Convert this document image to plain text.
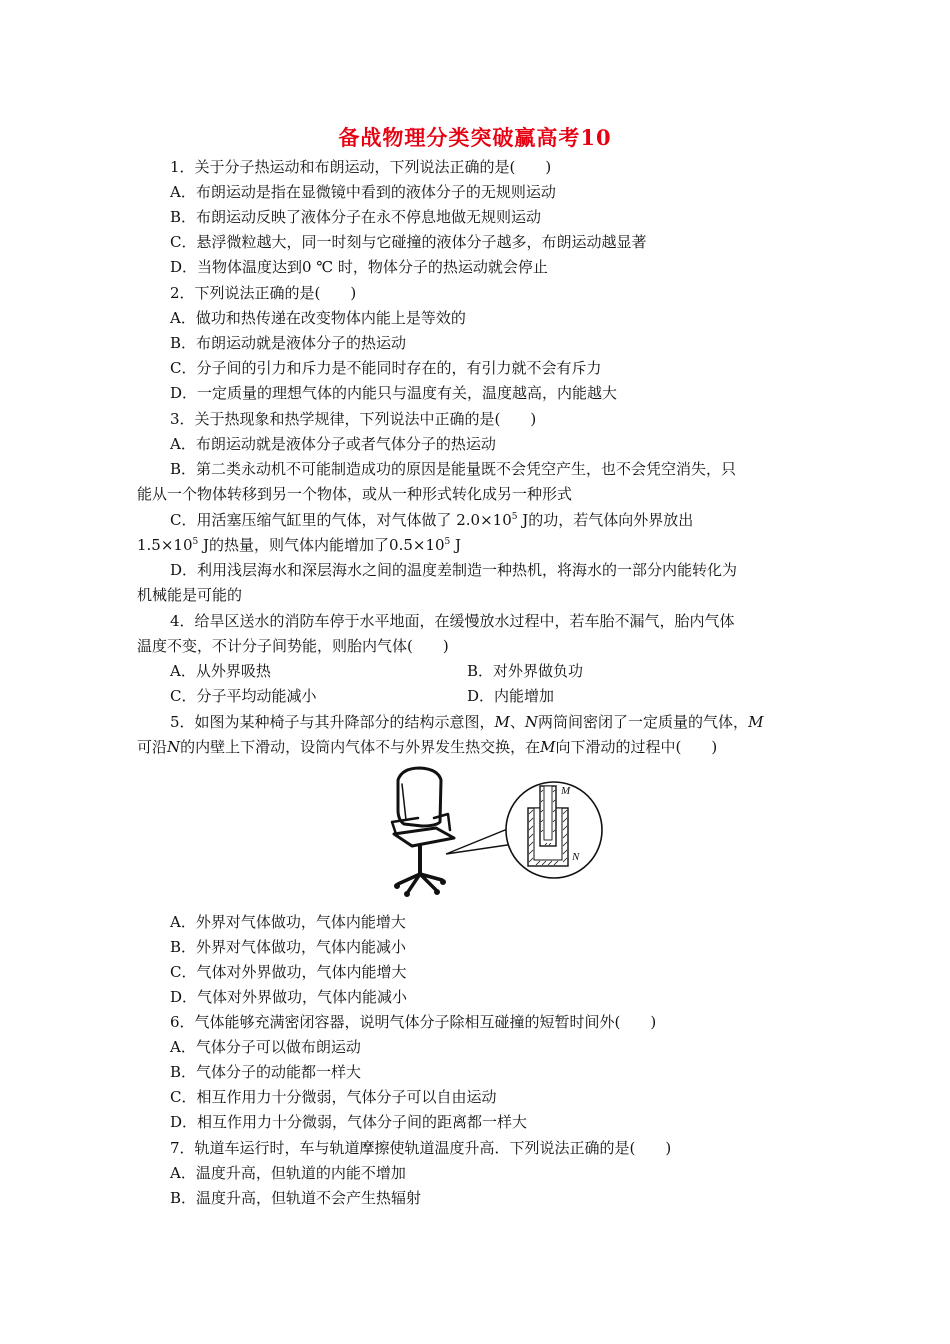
备战物理分类突破赢高考10
1．关于分子热运动和布朗运动，下列说法正确的是(　　)
A．布朗运动是指在显微镜中看到的液体分子的无规则运动
B．布朗运动反映了液体分子在永不停息地做无规则运动
C．悬浮微粒越大，同一时刻与它碰撞的液体分子越多，布朗运动越显著
D．当物体温度达到0 ℃ 时，物体分子的热运动就会停止
2．下列说法正确的是(　　)
A．做功和热传递在改变物体内能上是等效的
B．布朗运动就是液体分子的热运动
C．分子间的引力和斥力是不能同时存在的，有引力就不会有斥力
D．一定质量的理想气体的内能只与温度有关，温度越高，内能越大
3．关于热现象和热学规律，下列说法中正确的是(　　)
A．布朗运动就是液体分子或者气体分子的热运动
B．第二类永动机不可能制造成功的原因是能量既不会凭空产生，也不会凭空消失，只
能从一个物体转移到另一个物体，或从一种形式转化成另一种形式
C．用活塞压缩气缸里的气体，对气体做了 $2.0\times 10^5$ J的功，若气体向外界放出
$1.5\times 10^5$ J的热量，则气体内能增加了$0.5\times 10^5$ J
D．利用浅层海水和深层海水之间的温度差制造一种热机，将海水的一部分内能转化为
机械能是可能的
4．给旱区送水的消防车停于水平地面，在缓慢放水过程中，若车胎不漏气，胎内气体
温度不变，不计分子间势能，则胎内气体(　　)
A．从外界吸热	B．对外界做负功
C．分子平均动能减小	D．内能增加
5．如图为某种椅子与其升降部分的结构示意图，M、N两筒间密闭了一定质量的气体，M
可沿N的内壁上下滑动，设筒内气体不与外界发生热交换，在M向下滑动的过程中(　　)
M
N
A．外界对气体做功，气体内能增大
B．外界对气体做功，气体内能减小
C．气体对外界做功，气体内能增大
D．气体对外界做功，气体内能减小
6．气体能够充满密闭容器，说明气体分子除相互碰撞的短暂时间外(　　)
A．气体分子可以做布朗运动
B．气体分子的动能都一样大
C．相互作用力十分微弱，气体分子可以自由运动
D．相互作用力十分微弱，气体分子间的距离都一样大
7．轨道车运行时，车与轨道摩擦使轨道温度升高．下列说法正确的是(　　)
A．温度升高，但轨道的内能不增加
B．温度升高，但轨道不会产生热辐射
